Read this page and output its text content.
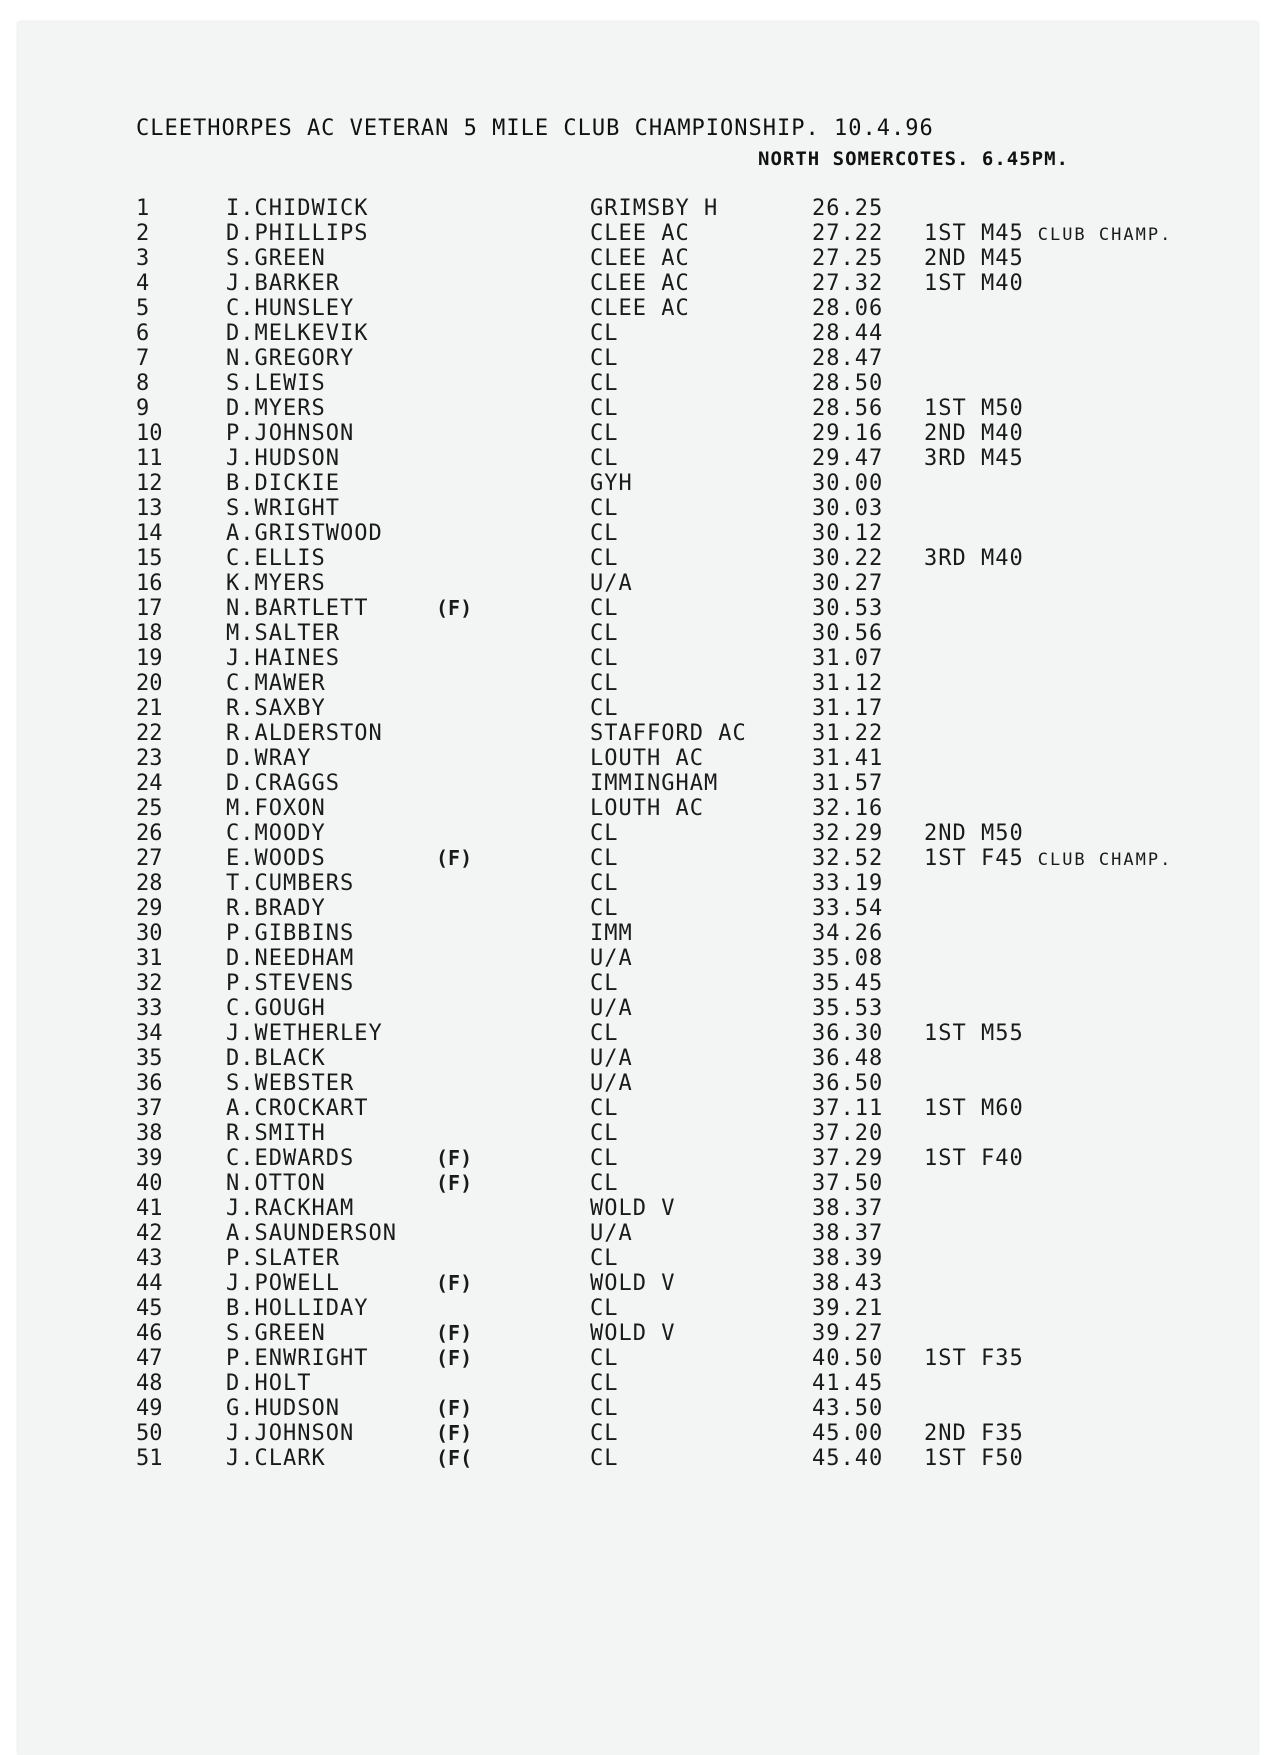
CLEETHORPES AC VETERAN 5 MILE CLUB CHAMPIONSHIP. 10.4.96
NORTH SOMERCOTES. 6.45PM.
1	I.CHIDWICK	GRIMSBY H	26.25
2	D.PHILLIPS	CLEE AC	27.22 1ST M45 CLUB CHAMP.
3	S.GREEN	CLEE AC	27.25 2ND M45
4	J.BARKER	CLEE AC	27.32 1ST M40
5	C.HUNSLEY	CLEE AC	28.06
6	D.MELKEVIK	CL	28.44
7	N.GREGORY	CL	28.47
8	S.LEWIS	CL	28.50
9	D.MYERS	CL	28.56 1ST M50
10	P.JOHNSON	CL	29.16 2ND M40
11	J.HUDSON	CL	29.47 3RD M45
12	B.DICKIE	GYH	30.00
13	S.WRIGHT	CL	30.03
14	A.GRISTWOOD	CL	30.12
15	C.ELLIS	CL	30.22 3RD M40
16	K.MYERS	U/A	30.27
17	N.BARTLETT	(F)	CL	30.53
18	M.SALTER	CL	30.56
19	J.HAINES	CL	31.07
20	C.MAWER	CL	31.12
21	R.SAXBY	CL	31.17
22	R.ALDERSTON	STAFFORD AC	31.22
23	D.WRAY	LOUTH AC	31.41
24	D.CRAGGS	IMMINGHAM	31.57
25	M.FOXON	LOUTH AC	32.16
26	C.MOODY	CL	32.29 2ND M50
27	E.WOODS	(F)	CL	32.52 1ST F45 CLUB CHAMP.
28	T.CUMBERS	CL	33.19
29	R.BRADY	CL	33.54
30	P.GIBBINS	IMM	34.26
31	D.NEEDHAM	U/A	35.08
32	P.STEVENS	CL	35.45
33	C.GOUGH	U/A	35.53
34	J.WETHERLEY	CL	36.30 1ST M55
35	D.BLACK	U/A	36.48
36	S.WEBSTER	U/A	36.50
37	A.CROCKART	CL	37.11 1ST M60
38	R.SMITH	CL	37.20
39	C.EDWARDS	(F)	CL	37.29 1ST F40
40	N.OTTON	(F)	CL	37.50
41	J.RACKHAM	WOLD V	38.37
42	A.SAUNDERSON	U/A	38.37
43	P.SLATER	CL	38.39
44	J.POWELL	(F)	WOLD V	38.43
45	B.HOLLIDAY	CL	39.21
46	S.GREEN	(F)	WOLD V	39.27
47	P.ENWRIGHT	(F)	CL	40.50 1ST F35
48	D.HOLT	CL	41.45
49	G.HUDSON	(F)	CL	43.50
50	J.JOHNSON	(F)	CL	45.00 2ND F35
51	J.CLARK	(F(	CL	45.40 1ST F50
